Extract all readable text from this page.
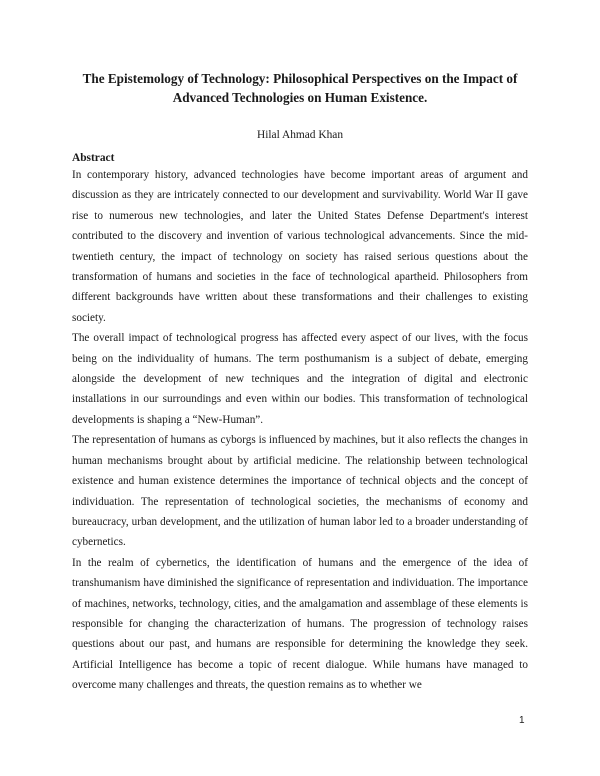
The Epistemology of Technology: Philosophical Perspectives on the Impact of
Advanced Technologies on Human Existence.

Hilal Ahmad Khan

Abstract

In contemporary history, advanced technologies have become important areas of argument and discussion as they are intricately connected to our development and survivability. World War II gave rise to numerous new technologies, and later the United States Defense Department's interest contributed to the discovery and invention of various technological advancements. Since the mid-twentieth century, the impact of technology on society has raised serious questions about the transformation of humans and societies in the face of technological apartheid. Philosophers from different backgrounds have written about these transformations and their challenges to existing society.

The overall impact of technological progress has affected every aspect of our lives, with the focus being on the individuality of humans. The term posthumanism is a subject of debate, emerging alongside the development of new techniques and the integration of digital and electronic installations in our surroundings and even within our bodies. This transformation of technological developments is shaping a “New-Human”.

The representation of humans as cyborgs is influenced by machines, but it also reflects the changes in human mechanisms brought about by artificial medicine. The relationship between technological existence and human existence determines the importance of technical objects and the concept of individuation. The representation of technological societies, the mechanisms of economy and bureaucracy, urban development, and the utilization of human labor led to a broader understanding of cybernetics.

In the realm of cybernetics, the identification of humans and the emergence of the idea of transhumanism have diminished the significance of representation and individuation. The importance of machines, networks, technology, cities, and the amalgamation and assemblage of these elements is responsible for changing the characterization of humans. The progression of technology raises questions about our past, and humans are responsible for determining the knowledge they seek. Artificial Intelligence has become a topic of recent dialogue. While humans have managed to overcome many challenges and threats, the question remains as to whether we

1
